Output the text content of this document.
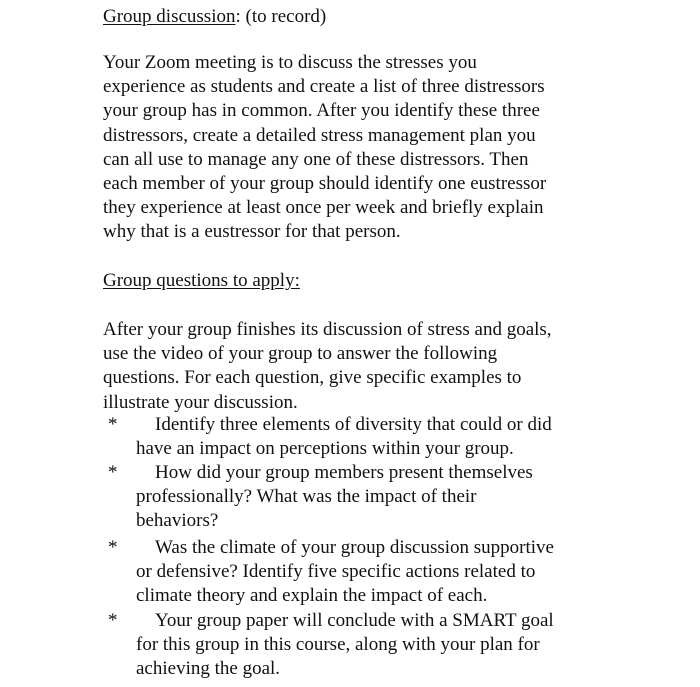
Group discussion: (to record)
Your Zoom meeting is to discuss the stresses you
experience as students and create a list of three distressors
your group has in common. After you identify these three
distressors, create a detailed stress management plan you
can all use to manage any one of these distressors. Then
each member of your group should identify one eustressor
they experience at least once per week and briefly explain
why that is a eustressor for that person.
Group questions to apply:
After your group finishes its discussion of stress and goals,
use the video of your group to answer the following
questions. For each question, give specific examples to
illustrate your discussion.
* Identify three elements of diversity that could or did
have an impact on perceptions within your group.
* How did your group members present themselves
professionally? What was the impact of their
behaviors?
* Was the climate of your group discussion supportive
or defensive? Identify five specific actions related to
climate theory and explain the impact of each.
* Your group paper will conclude with a SMART goal
for this group in this course, along with your plan for
achieving the goal.
